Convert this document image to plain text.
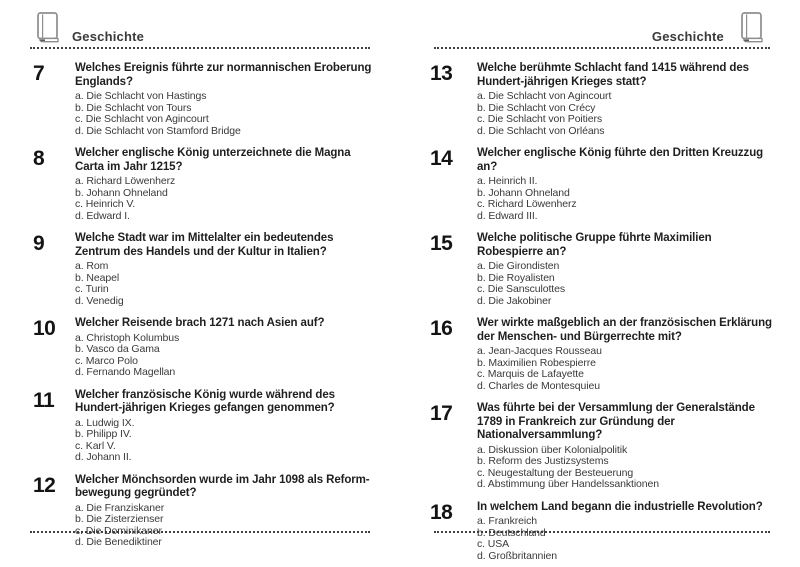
Geschichte	Geschichte
7	Welches Ereignis führte zur normannischen Eroberung Englands?
a. Die Schlacht von Hastings
b. Die Schlacht von Tours
c. Die Schlacht von Agincourt
d. Die Schlacht von Stamford Bridge
8	Welcher englische König unterzeichnete die Magna Carta im Jahr 1215?
a. Richard Löwenherz
b. Johann Ohneland
c. Heinrich V.
d. Edward I.
9	Welche Stadt war im Mittelalter ein bedeutendes Zentrum des Handels und der Kultur in Italien?
a. Rom
b. Neapel
c. Turin
d. Venedig
10	Welcher Reisende brach 1271 nach Asien auf?
a. Christoph Kolumbus
b. Vasco da Gama
c. Marco Polo
d. Fernando Magellan
11	Welcher französische König wurde während des Hundert-jährigen Krieges gefangen genommen?
a. Ludwig IX.
b. Philipp IV.
c. Karl V.
d. Johann II.
12	Welcher Mönchsorden wurde im Jahr 1098 als Reform-bewegung gegründet?
a. Die Franziskaner
b. Die Zisterzienser
c. Die Dominikaner
d. Die Benediktiner
13	Welche berühmte Schlacht fand 1415 während des Hundert-jährigen Krieges statt?
a. Die Schlacht von Agincourt
b. Die Schlacht von Crécy
c. Die Schlacht von Poitiers
d. Die Schlacht von Orléans
14	Welcher englische König führte den Dritten Kreuzzug an?
a. Heinrich II.
b. Johann Ohneland
c. Richard Löwenherz
d. Edward III.
15	Welche politische Gruppe führte Maximilien Robespierre an?
a. Die Girondisten
b. Die Royalisten
c. Die Sansculottes
d. Die Jakobiner
16	Wer wirkte maßgeblich an der französischen Erklärung der Menschen- und Bürgerrechte mit?
a. Jean-Jacques Rousseau
b. Maximilien Robespierre
c. Marquis de Lafayette
d. Charles de Montesquieu
17	Was führte bei der Versammlung der Generalstände 1789 in Frankreich zur Gründung der Nationalversammlung?
a. Diskussion über Kolonialpolitik
b. Reform des Justizsystems
c. Neugestaltung der Besteuerung
d. Abstimmung über Handelssanktionen
18	In welchem Land begann die industrielle Revolution?
a. Frankreich
b. Deutschland
c. USA
d. Großbritannien
